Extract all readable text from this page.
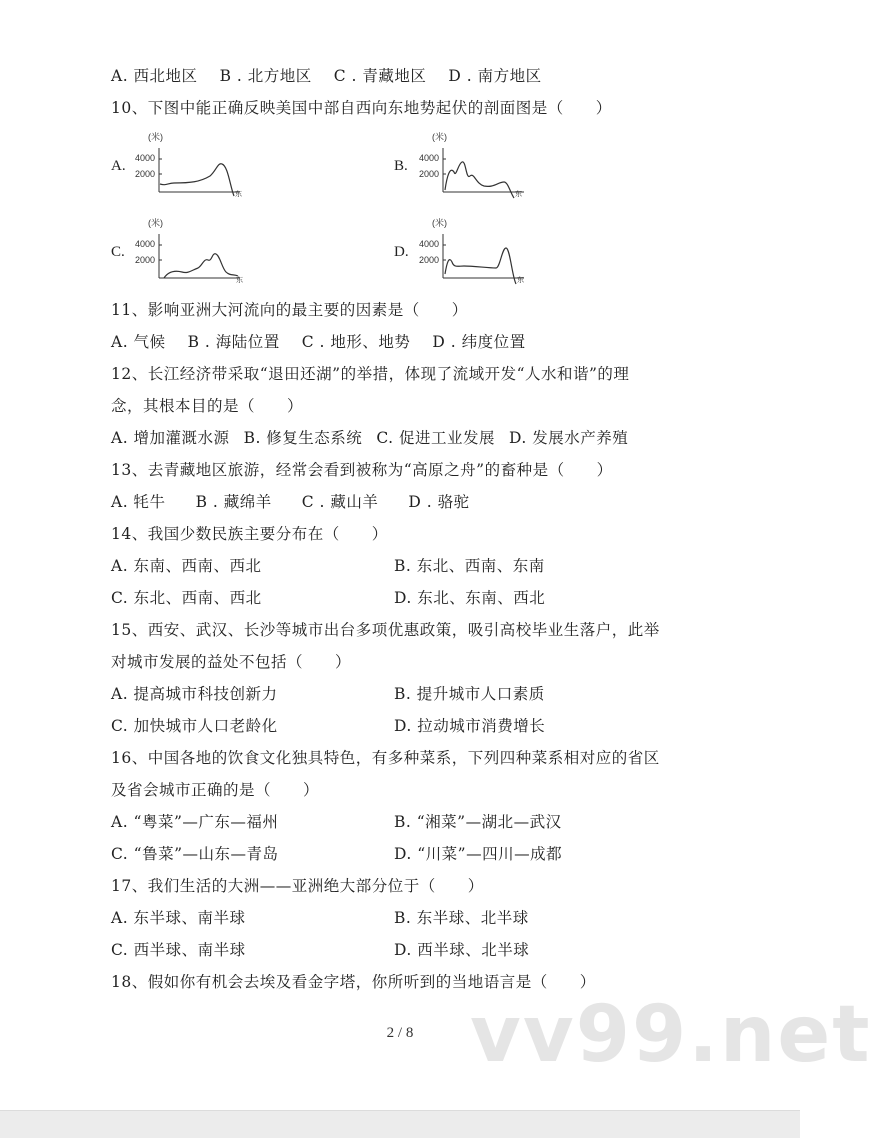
A. 西北地区 B . 北方地区 C . 青藏地区 D . 南方地区
10、下图中能正确反映美国中部自西向东地势起伏的剖面图是（　　）
A.
(米)
4000
2000
东
B.
(米)
4000
2000
东
C.
(米)
4000
2000
东
D.
(米)
4000
2000
东
11、影响亚洲大河流向的最主要的因素是（　　）
A. 气候 B . 海陆位置 C . 地形、地势 D . 纬度位置
12、长江经济带采取“退田还湖”的举措，体现了流域开发“人水和谐”的理
念，其根本目的是（　　）
A. 增加灌溉水源 B. 修复生态系统 C. 促进工业发展 D. 发展水产养殖
13、去青藏地区旅游，经常会看到被称为“高原之舟”的畜种是（　　）
A. 牦牛 B . 藏绵羊 C . 藏山羊 D . 骆驼
14、我国少数民族主要分布在（　　）
A. 东南、西南、西北	B. 东北、西南、东南
C. 东北、西南、西北	D. 东北、东南、西北
15、西安、武汉、长沙等城市出台多项优惠政策，吸引高校毕业生落户，此举
对城市发展的益处不包括（　　）
A. 提高城市科技创新力	B. 提升城市人口素质
C. 加快城市人口老龄化	D. 拉动城市消费增长
16、中国各地的饮食文化独具特色，有多种菜系，下列四种菜系相对应的省区
及省会城市正确的是（　　）
A. “粤菜”—广东—福州	B. “湘菜”—湖北—武汉
C. “鲁菜”—山东—青岛	D. “川菜”—四川—成都
17、我们生活的大洲——亚洲绝大部分位于（　　）
A. 东半球、南半球	B. 东半球、北半球
C. 西半球、南半球	D. 西半球、北半球
18、假如你有机会去埃及看金字塔，你所听到的当地语言是（　　）
vv99.net
2 / 8
